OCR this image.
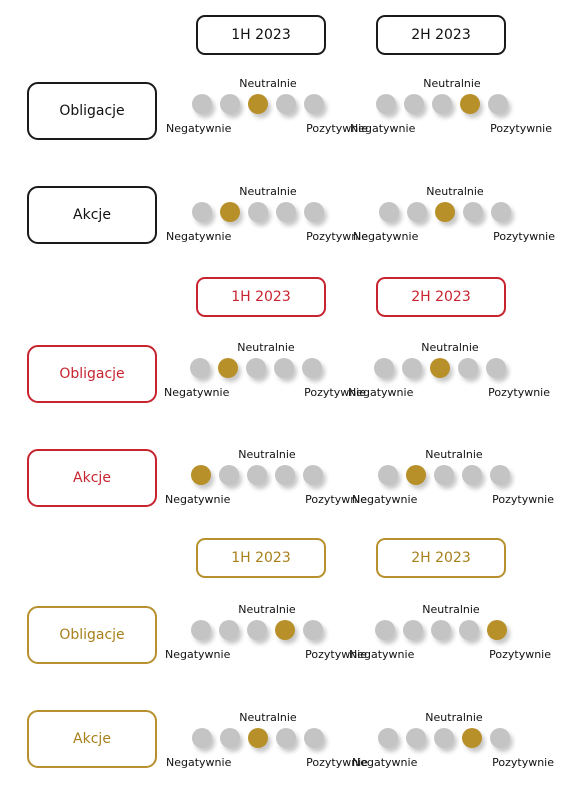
1H 2023	2H 2023
Obligacje
Neutralnie
Negatywnie	Pozytywnie
Neutralnie
Negatywnie	Pozytywnie
Akcje
Neutralnie
Negatywnie	Pozytywnie
Neutralnie
Negatywnie	Pozytywnie
1H 2023	2H 2023
Obligacje
Neutralnie
Negatywnie	Pozytywnie
Neutralnie
Negatywnie	Pozytywnie
Akcje
Neutralnie
Negatywnie	Pozytywnie
Neutralnie
Negatywnie	Pozytywnie
1H 2023	2H 2023
Obligacje
Neutralnie
Negatywnie	Pozytywnie
Neutralnie
Negatywnie	Pozytywnie
Akcje
Neutralnie
Negatywnie	Pozytywnie
Neutralnie
Negatywnie	Pozytywnie
